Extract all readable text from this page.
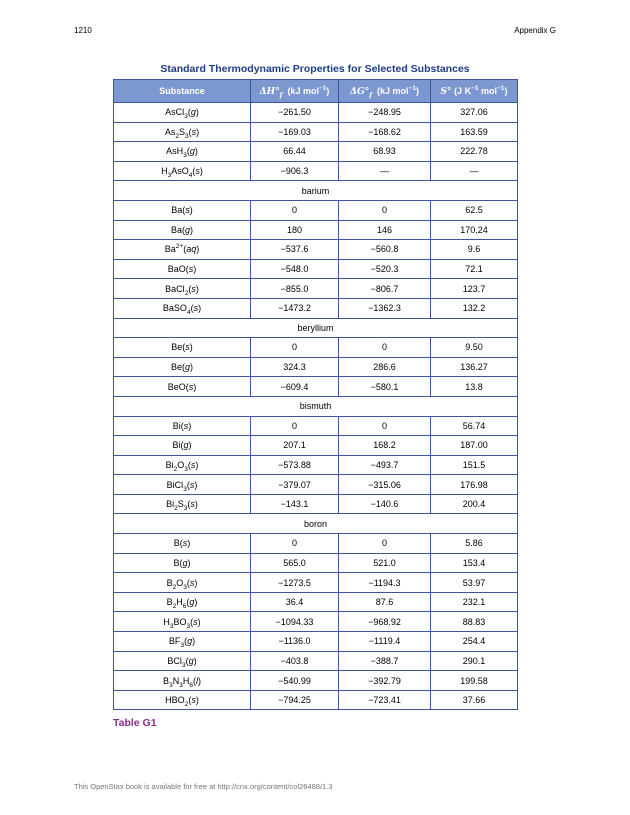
1210	Appendix G
Standard Thermodynamic Properties for Selected Substances
Substance	$\Delta H^\circ_f$ (kJ mol$^{-1}$)	$\Delta G^\circ_f$ (kJ mol$^{-1}$)	S° (J $K^{-1}$ mol$^{-1}$)
AsCl$_3$(g)	−261.50	−248.95	327.06
$As_2S_3(s)$	−169.03	−168.62	163.59
AsH$_3$(g)	66.44	68.93	222.78
$H_3AsO_4(s)$	−906.3	—	—
barium			
Ba(s)	0	0	62.5
Ba(g)	180	146	170.24
$Ba^{2+}(aq)$	−537.6	−560.8	9.6
BaO(s)	−548.0	−520.3	72.1
BaCl$_2$(s)	−855.0	−806.7	123.7
BaSO$_4$(s)	−1473.2	−1362.3	132.2
beryllium			
Be(s)	0	0	9.50
Be(g)	324.3	286.6	136.27
BeO(s)	−609.4	−580.1	13.8
bismuth			
Bi(s)	0	0	56.74
Bi(g)	207.1	168.2	187.00
$Bi_2O_3(s)$	−573.88	−493.7	151.5
BiCl$_3$(s)	−379.07	−315.06	176.98
$Bi_2S_3(s)$	−143.1	−140.6	200.4
boron			
B(s)	0	0	5.86
B(g)	565.0	521.0	153.4
$B_2O_3(s)$	−1273.5	−1194.3	53.97
$B_2H_6(g)$	36.4	87.6	232.1
$H_3BO_3(s)$	−1094.33	−968.92	88.83
$BF_3(g)$	−1136.0	−1119.4	254.4
BCl$_3$(g)	−403.8	−388.7	290.1
$B_3N_3H_6(l)$	−540.99	−392.79	199.58
$HBO_2(s)$	−794.25	−723.41	37.66
Table G1
This OpenStax book is available for free at http://cnx.org/content/col26488/1.3
